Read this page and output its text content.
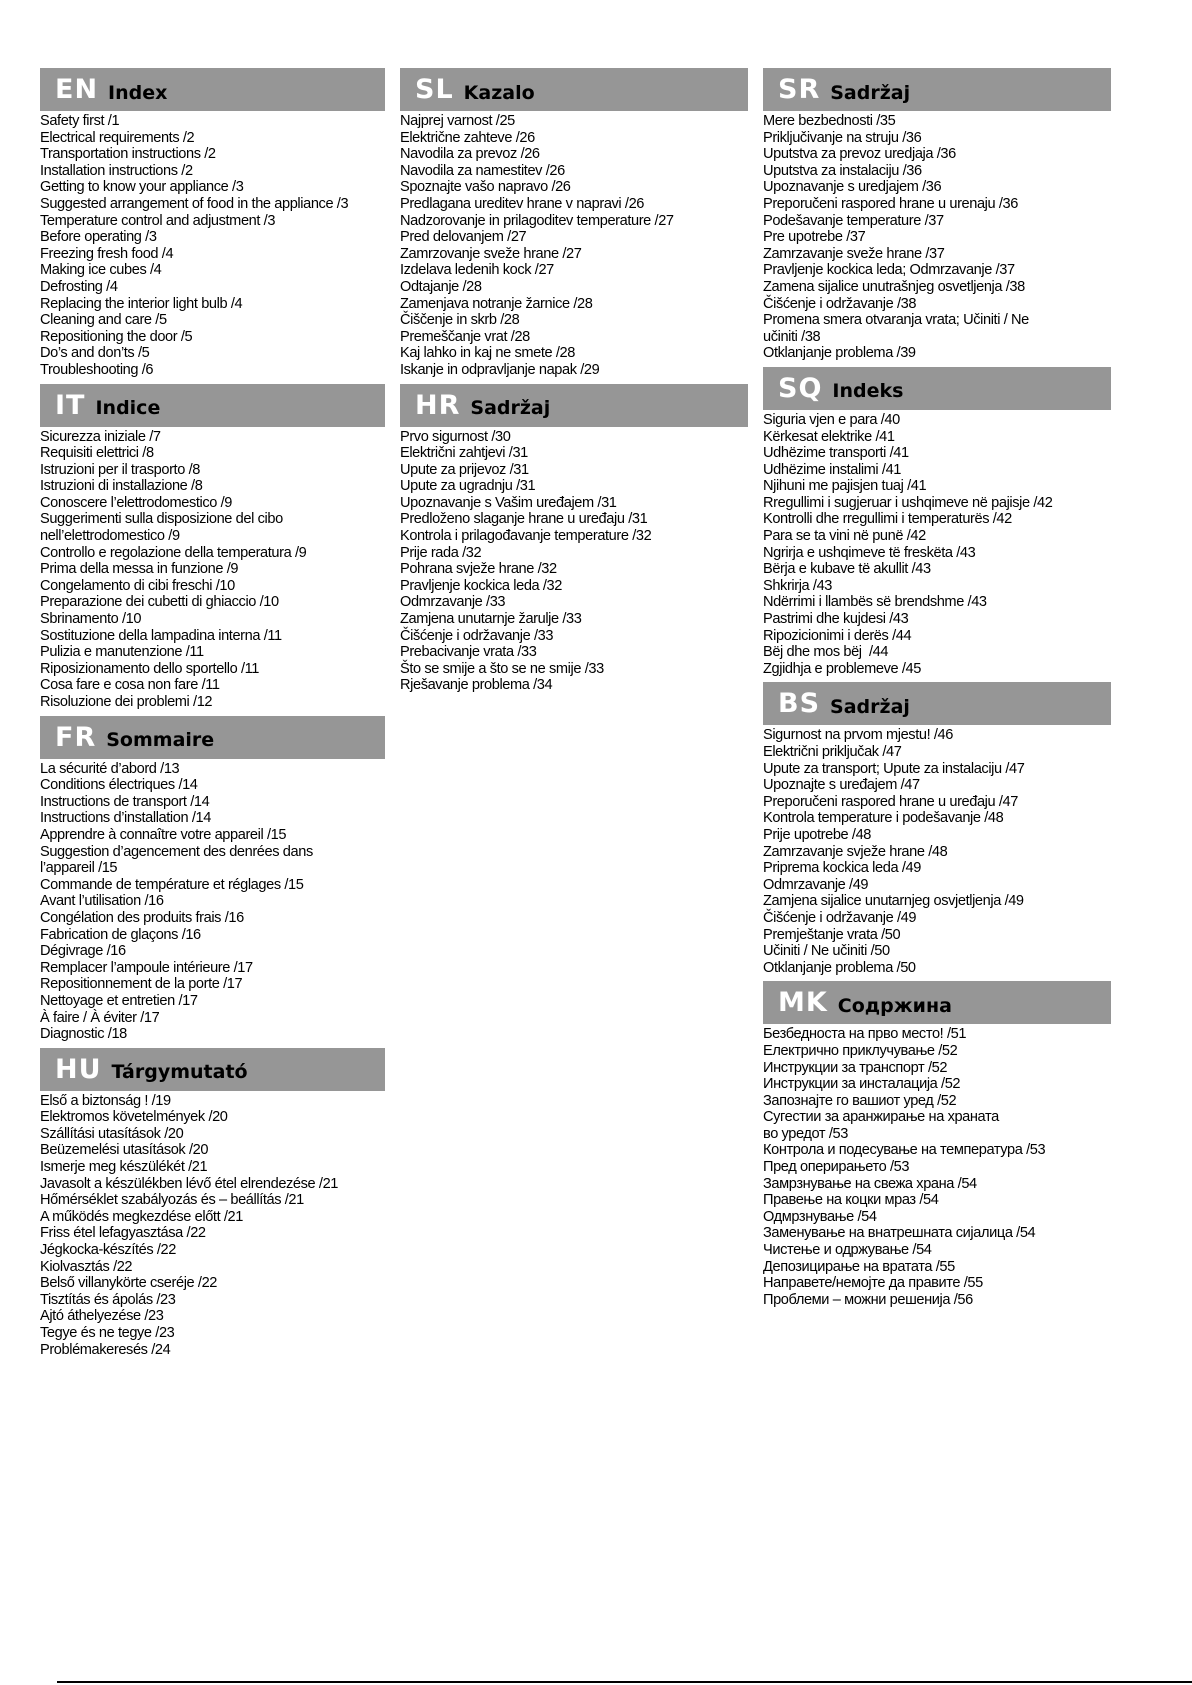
EN Index
Safety first /1
Electrical requirements /2
Transportation instructions /2
Installation instructions /2
Getting to know your appliance /3
Suggested arrangement of food in the appliance /3
Temperature control and adjustment /3
Before operating /3
Freezing fresh food /4
Making ice cubes /4
Defrosting /4
Replacing the interior light bulb /4
Cleaning and care /5
Repositioning the door /5
Do’s and don’ts /5
Troubleshooting /6
IT Indice
Sicurezza iniziale /7
Requisiti elettrici /8
Istruzioni per il trasporto /8
Istruzioni di installazione /8
Conoscere l’elettrodomestico /9
Suggerimenti sulla disposizione del cibo
nell’elettrodomestico /9
Controllo e regolazione della temperatura /9
Prima della messa in funzione /9
Congelamento di cibi freschi /10
Preparazione dei cubetti di ghiaccio /10
Sbrinamento /10
Sostituzione della lampadina interna /11
Pulizia e manutenzione /11
Riposizionamento dello sportello /11
Cosa fare e cosa non fare /11
Risoluzione dei problemi /12
FR Sommaire
La sécurité d’abord /13
Conditions électriques /14
Instructions de transport /14
Instructions d’installation /14
Apprendre à connaître votre appareil /15
Suggestion d’agencement des denrées dans
l’appareil /15
Commande de température et réglages /15
Avant l’utilisation /16
Congélation des produits frais /16
Fabrication de glaçons /16
Dégivrage /16
Remplacer l’ampoule intérieure /17
Repositionnement de la porte /17
Nettoyage et entretien /17
À faire / À éviter /17
Diagnostic /18
HU Tárgymutató
Első a biztonság ! /19
Elektromos követelmények /20
Szállítási utasítások /20
Beüzemelési utasítások /20
Ismerje meg készülékét /21
Javasolt a készülékben lévő étel elrendezése /21
Hőmérséklet szabályozás és – beállítás /21
A működés megkezdése előtt /21
Friss étel lefagyasztása /22
Jégkocka-készítés /22
Kiolvasztás /22
Belső villanykörte cseréje /22
Tisztítás és ápolás /23
Ajtó áthelyezése /23
Tegye és ne tegye /23
Problémakeresés /24
SL Kazalo
Najprej varnost /25
Električne zahteve /26
Navodila za prevoz /26
Navodila za namestitev /26
Spoznajte vašo napravo /26
Predlagana ureditev hrane v napravi /26
Nadzorovanje in prilagoditev temperature /27
Pred delovanjem /27
Zamrzovanje sveže hrane /27
Izdelava ledenih kock /27
Odtajanje /28
Zamenjava notranje žarnice /28
Čiščenje in skrb /28
Premeščanje vrat /28
Kaj lahko in kaj ne smete /28
Iskanje in odpravljanje napak /29
HR Sadržaj
Prvo sigurnost /30
Električni zahtjevi /31
Upute za prijevoz /31
Upute za ugradnju /31
Upoznavanje s Vašim uređajem /31
Predloženo slaganje hrane u uređaju /31
Kontrola i prilagođavanje temperature /32
Prije rada /32
Pohrana svježe hrane /32
Pravljenje kockica leda /32
Odmrzavanje /33
Zamjena unutarnje žarulje /33
Čišćenje i održavanje /33
Prebacivanje vrata /33
Što se smije a što se ne smije /33
Rješavanje problema /34
SR Sadržaj
Mere bezbednosti /35
Priključivanje na struju /36
Uputstva za prevoz uredjaja /36
Uputstva za instalaciju /36
Upoznavanje s uredjajem /36
Preporučeni raspored hrane u urenaju /36
Podešavanje temperature /37
Pre upotrebe /37
Zamrzavanje sveže hrane /37
Pravljenje kockica leda; Odmrzavanje /37
Zamena sijalice unutrašnjeg osvetljenja /38
Čišćenje i održavanje /38
Promena smera otvaranja vrata; Učiniti / Ne
učiniti /38
Otklanjanje problema /39
SQ Indeks
Siguria vjen e para /40
Kërkesat elektrike /41
Udhëzime transporti /41
Udhëzime instalimi /41
Njihuni me pajisjen tuaj /41
Rregullimi i sugjeruar i ushqimeve në pajisje /42
Kontrolli dhe rregullimi i temperaturës /42
Para se ta vini në punë /42
Ngrirja e ushqimeve të freskëta /43
Bërja e kubave të akullit /43
Shkrirja /43
Ndërrimi i llambës së brendshme /43
Pastrimi dhe kujdesi /43
Ripozicionimi i derës /44
Bëj dhe mos bëj  /44
Zgjidhja e problemeve /45
BS Sadržaj
Sigurnost na prvom mjestu! /46
Električni priključak /47
Upute za transport; Upute za instalaciju /47
Upoznajte s uređajem /47
Preporučeni raspored hrane u uređaju /47
Kontrola temperature i podešavanje /48
Prije upotrebe /48
Zamrzavanje svježe hrane /48
Priprema kockica leda /49
Odmrzavanje /49
Zamjena sijalice unutarnjeg osvjetljenja /49
Čišćenje i održavanje /49
Premještanje vrata /50
Učiniti / Ne učiniti /50
Otklanjanje problema /50
MK Содржина
Безбедноста на прво место! /51
Електрично приклучување /52
Инструкции за транспорт /52
Инструкции за инсталација /52
Запознајте го вашиот уред /52
Сугестии за аранжирање на храната
во уредот /53
Контрола и подесување на температура /53
Пред оперирањето /53
Замрзнување на свежа храна /54
Правење на коцки мраз /54
Одмрзнување /54
Заменување на внатрешната сијалица /54
Чистење и одржување /54
Депозицирање на вратата /55
Направете/немојте да правите /55
Проблеми – можни решенија /56
